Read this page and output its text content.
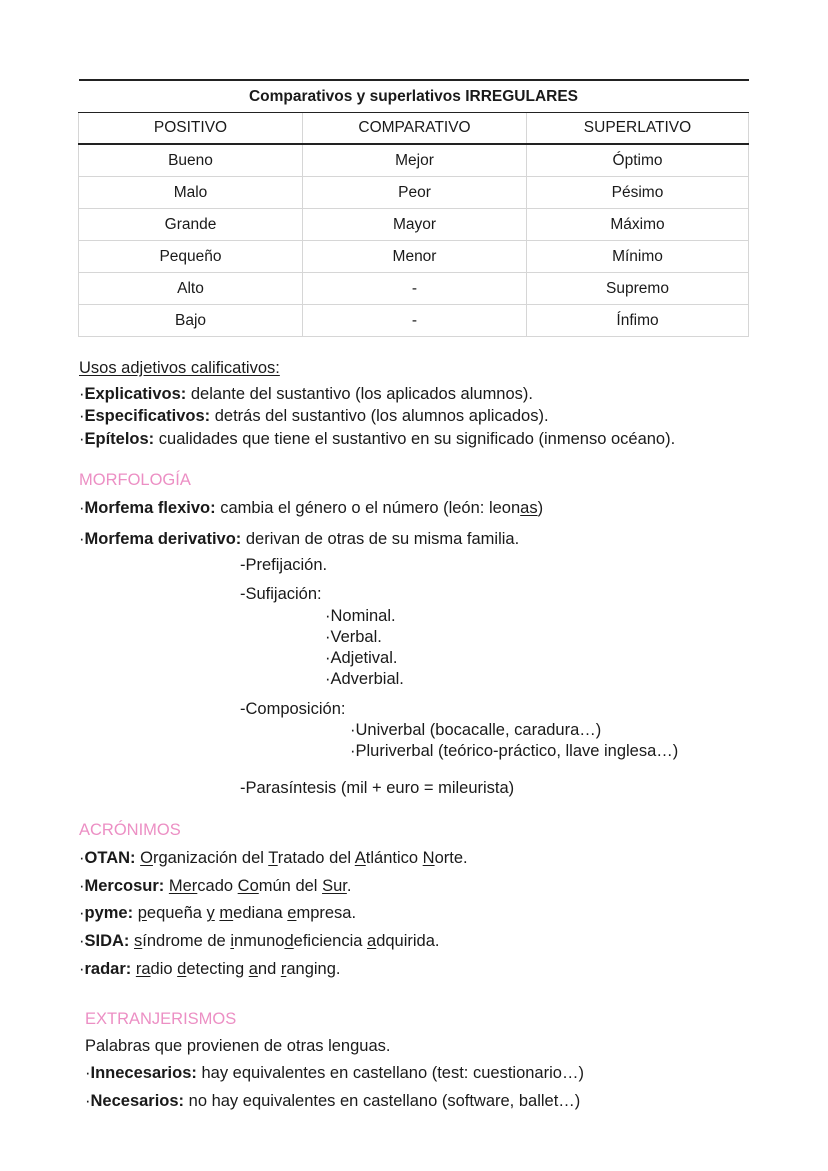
Comparativos y superlativos IRREGULARES		
POSITIVO	COMPARATIVO	SUPERLATIVO
Bueno	Mejor	Óptimo
Malo	Peor	Pésimo
Grande	Mayor	Máximo
Pequeño	Menor	Mínimo
Alto	-	Supremo
Bajo	-	Ínfimo
Usos adjetivos calificativos:
·Explicativos: delante del sustantivo (los aplicados alumnos).
·Especificativos: detrás del sustantivo (los alumnos aplicados).
·Epítelos: cualidades que tiene el sustantivo en su significado (inmenso océano).
MORFOLOGÍA
·Morfema flexivo: cambia el género o el número (león: leonas)
·Morfema derivativo: derivan de otras de su misma familia.
-Prefijación.
-Sufijación:
·Nominal.
·Verbal.
·Adjetival.
·Adverbial.
-Composición:
·Univerbal (bocacalle, caradura…)
·Pluriverbal (teórico-práctico, llave inglesa…)
-Parasíntesis (mil + euro = mileurista)
ACRÓNIMOS
·OTAN: Organización del Tratado del Atlántico Norte.
·Mercosur: Mercado Común del Sur.
·pyme: pequeña y mediana empresa.
·SIDA: síndrome de inmunodeficiencia adquirida.
·radar: radio detecting and ranging.
EXTRANJERISMOS
Palabras que provienen de otras lenguas.
·Innecesarios: hay equivalentes en castellano (test: cuestionario…)
·Necesarios: no hay equivalentes en castellano (software, ballet…)
